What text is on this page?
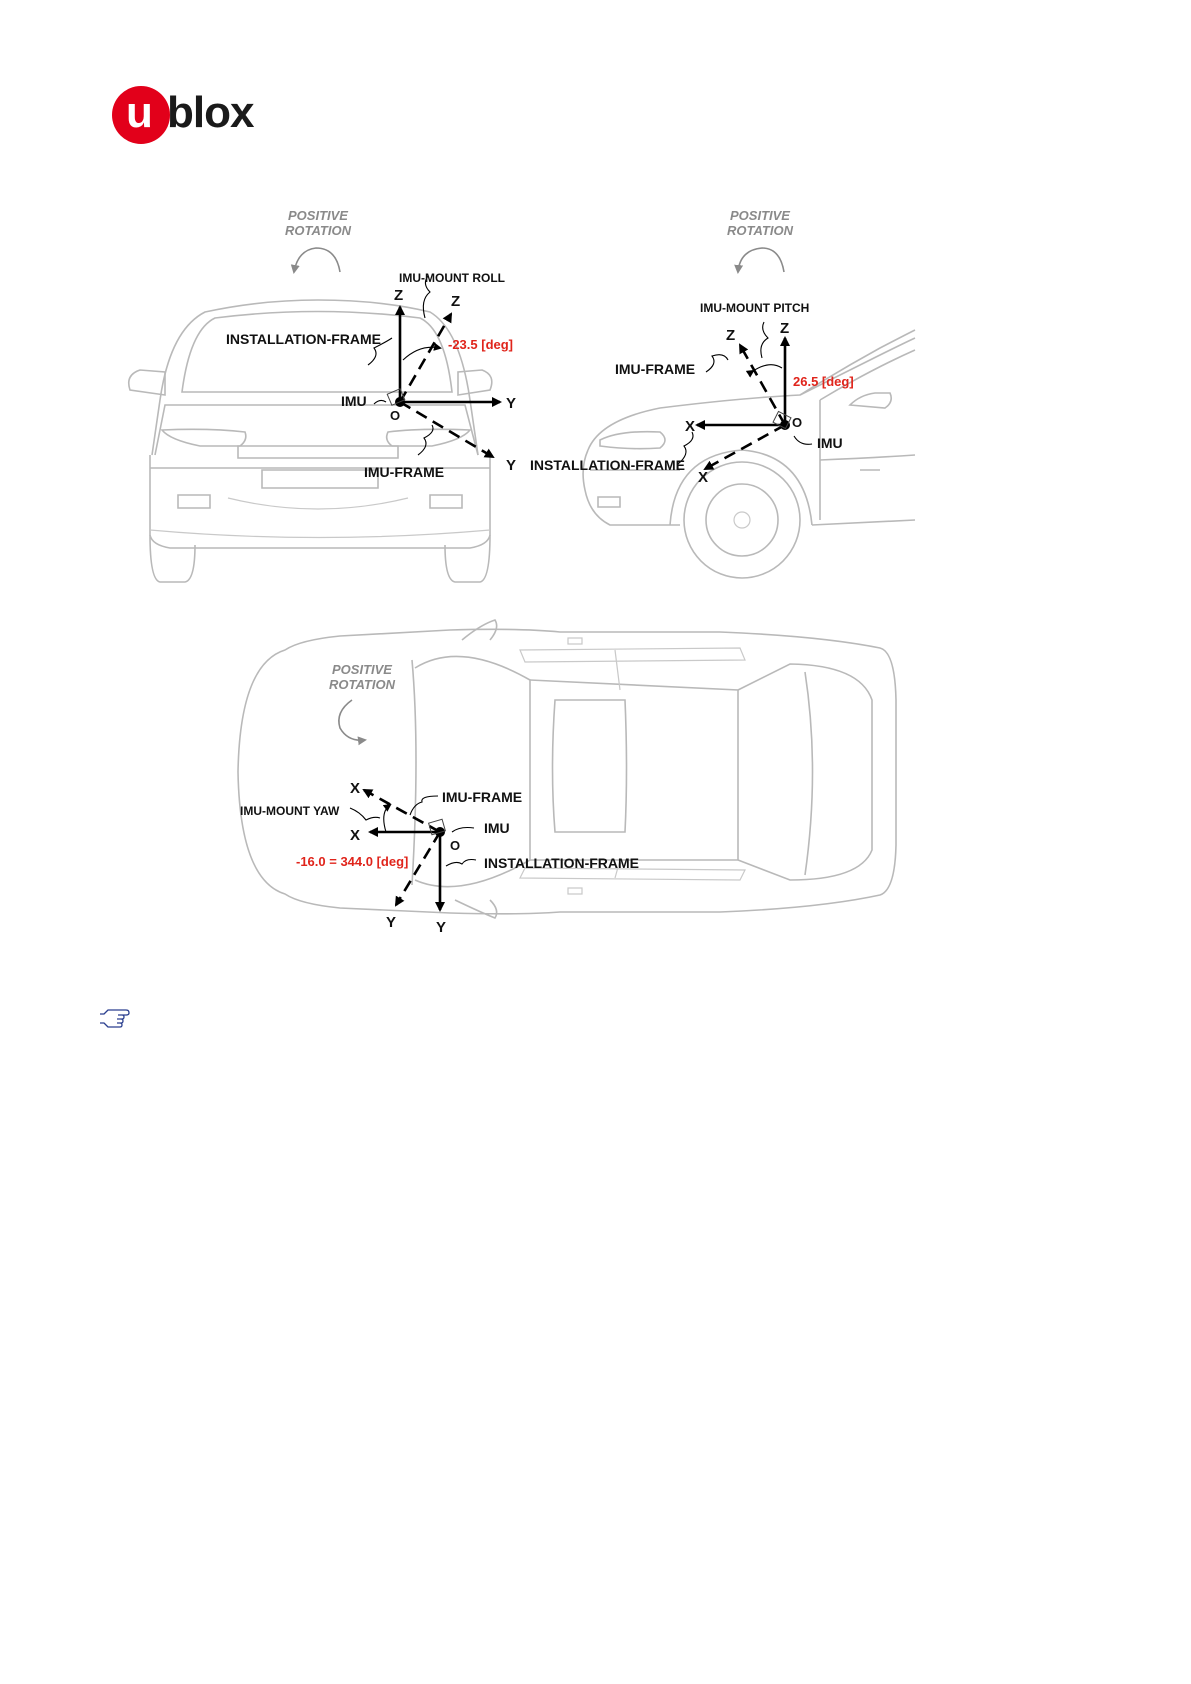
u blox
POSITIVE
ROTATION
Z	Z
Y
Y
O
IMU-MOUNT ROLL
INSTALLATION-FRAME
IMU
IMU-FRAME
-23.5 [deg]
POSITIVE
ROTATION
Z
Z
X
X
O
IMU-MOUNT PITCH
IMU-FRAME
IMU
INSTALLATION-FRAME
26.5 [deg]
POSITIVE
ROTATION
X
X
Y	Y
O
IMU-MOUNT YAW
IMU-FRAME
IMU
INSTALLATION-FRAME
-16.0 = 344.0 [deg]
